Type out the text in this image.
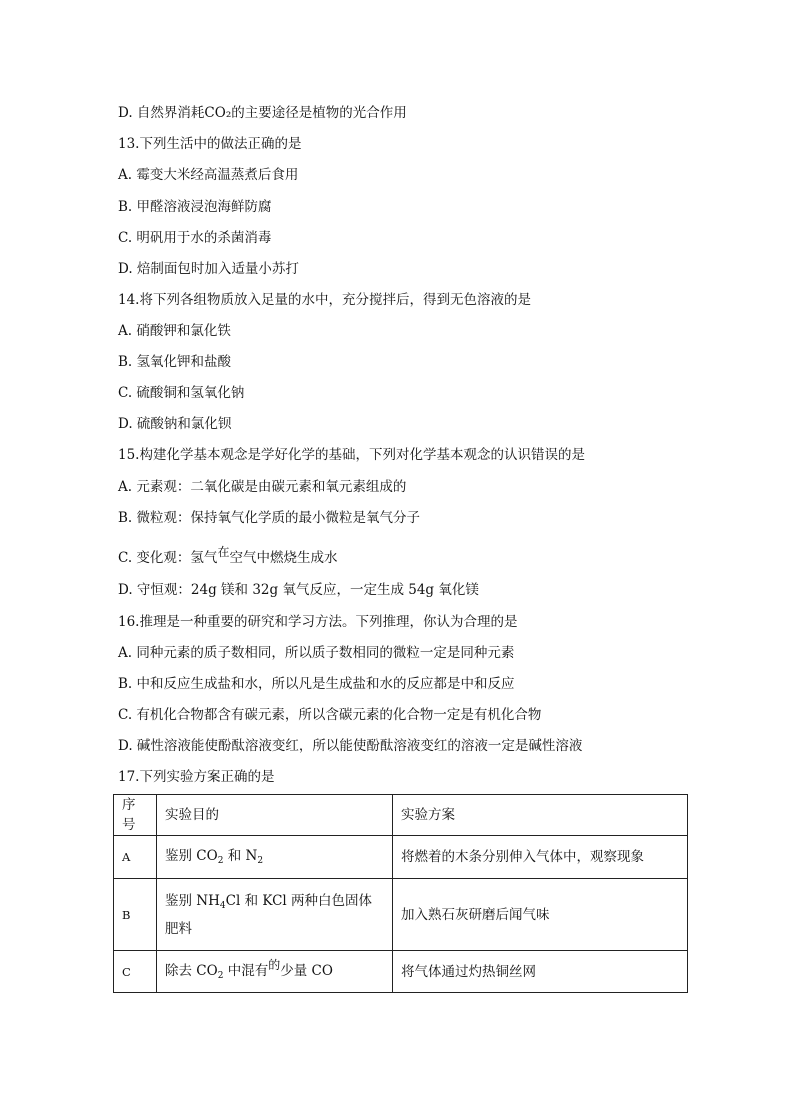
D. 自然界消耗CO₂的主要途径是植物的光合作用
13.下列生活中的做法正确的是
A. 霉变大米经高温蒸煮后食用
B. 甲醛溶液浸泡海鲜防腐
C. 明矾用于水的杀菌消毒
D. 焙制面包时加入适量小苏打
14.将下列各组物质放入足量的水中，充分搅拌后，得到无色溶液的是
A. 硝酸钾和氯化铁
B. 氢氧化钾和盐酸
C. 硫酸铜和氢氧化钠
D. 硫酸钠和氯化钡
15.构建化学基本观念是学好化学的基础，下列对化学基本观念的认识错误的是
A. 元素观：二氧化碳是由碳元素和氧元素组成的
B. 微粒观：保持氧气化学质的最小微粒是氧气分子
C. 变化观：氢气在空气中燃烧生成水
D. 守恒观：24g 镁和 32g 氧气反应，一定生成 54g 氧化镁
16.推理是一种重要的研究和学习方法。下列推理，你认为合理的是
A. 同种元素的质子数相同，所以质子数相同的微粒一定是同种元素
B. 中和反应生成盐和水，所以凡是生成盐和水的反应都是中和反应
C. 有机化合物都含有碳元素，所以含碳元素的化合物一定是有机化合物
D. 碱性溶液能使酚酞溶液变红，所以能使酚酞溶液变红的溶液一定是碱性溶液
17.下列实验方案正确的是
序号	实验目的	实验方案
A	鉴别 $CO_2$ 和 $N_2$	将燃着的木条分别伸入气体中，观察现象
B	鉴别 $NH_4Cl$ 和 KCl 两种白色固体肥料	加入熟石灰研磨后闻气味
C	除去 $CO_2$ 中混有的少量 CO	将气体通过灼热铜丝网
